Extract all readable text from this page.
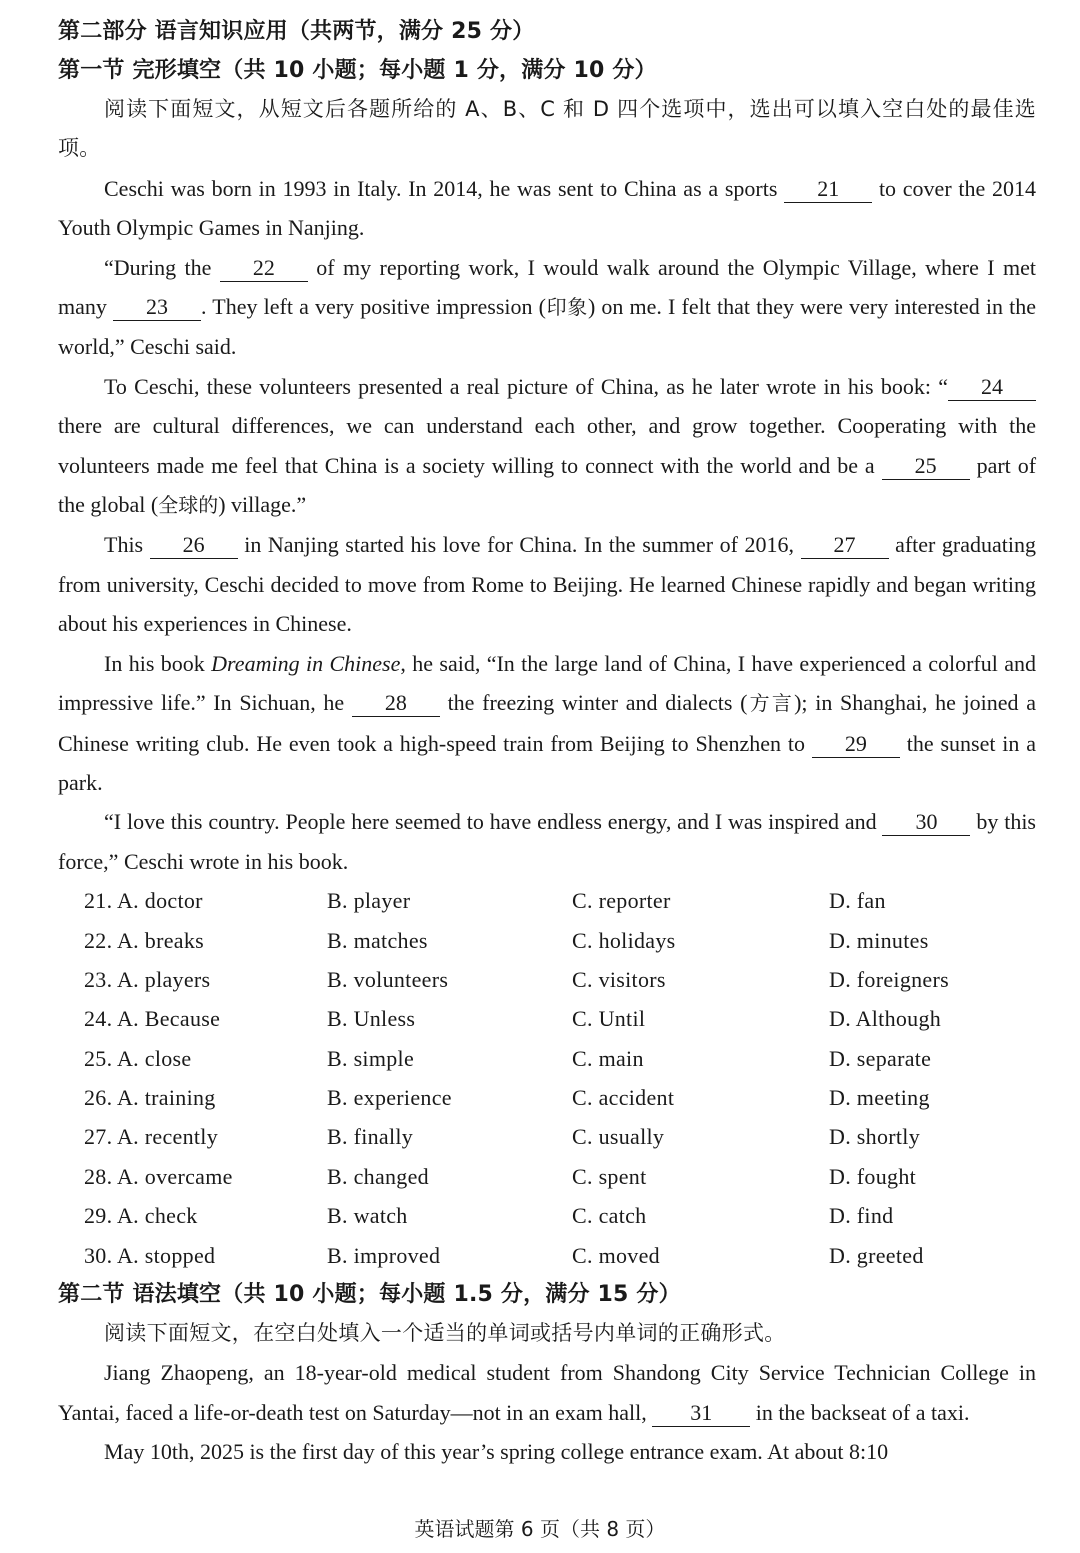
第二部分 语言知识应用（共两节，满分 25 分）
第一节 完形填空（共 10 小题；每小题 1 分，满分 10 分）

阅读下面短文，从短文后各题所给的 A、B、C 和 D 四个选项中，选出可以填入空白处的最佳选项。

Ceschi was born in 1993 in Italy. In 2014, he was sent to China as a sports 21 to cover the 2014 Youth Olympic Games in Nanjing.

“During the 22 of my reporting work, I would walk around the Olympic Village, where I met many 23 . They left a very positive impression (印象) on me. I felt that they were very interested in the world,” Ceschi said.

To Ceschi, these volunteers presented a real picture of China, as he later wrote in his book: “ 24 there are cultural differences, we can understand each other, and grow together. Cooperating with the volunteers made me feel that China is a society willing to connect with the world and be a 25 part of the global (全球的) village.”

This 26 in Nanjing started his love for China. In the summer of 2016, 27 after graduating from university, Ceschi decided to move from Rome to Beijing. He learned Chinese rapidly and began writing about his experiences in Chinese.

In his book Dreaming in Chinese, he said, “In the large land of China, I have experienced a colorful and impressive life.” In Sichuan, he 28 the freezing winter and dialects (方言); in Shanghai, he joined a Chinese writing club. He even took a high-speed train from Beijing to Shenzhen to 29 the sunset in a park.

“I love this country. People here seemed to have endless energy, and I was inspired and 30 by this force,” Ceschi wrote in his book.

21. A. doctor	B. player	C. reporter	D. fan
22. A. breaks	B. matches	C. holidays	D. minutes
23. A. players	B. volunteers	C. visitors	D. foreigners
24. A. Because	B. Unless	C. Until	D. Although
25. A. close	B. simple	C. main	D. separate
26. A. training	B. experience	C. accident	D. meeting
27. A. recently	B. finally	C. usually	D. shortly
28. A. overcame	B. changed	C. spent	D. fought
29. A. check	B. watch	C. catch	D. find
30. A. stopped	B. improved	C. moved	D. greeted
第二节 语法填空（共 10 小题；每小题 1.5 分，满分 15 分）

阅读下面短文，在空白处填入一个适当的单词或括号内单词的正确形式。

Jiang Zhaopeng, an 18-year-old medical student from Shandong City Service Technician College in Yantai, faced a life-or-death test on Saturday—not in an exam hall, 31 in the backseat of a taxi.

May 10th, 2025 is the first day of this year’s spring college entrance exam. At about 8:10

英语试题第 6 页（共 8 页）
